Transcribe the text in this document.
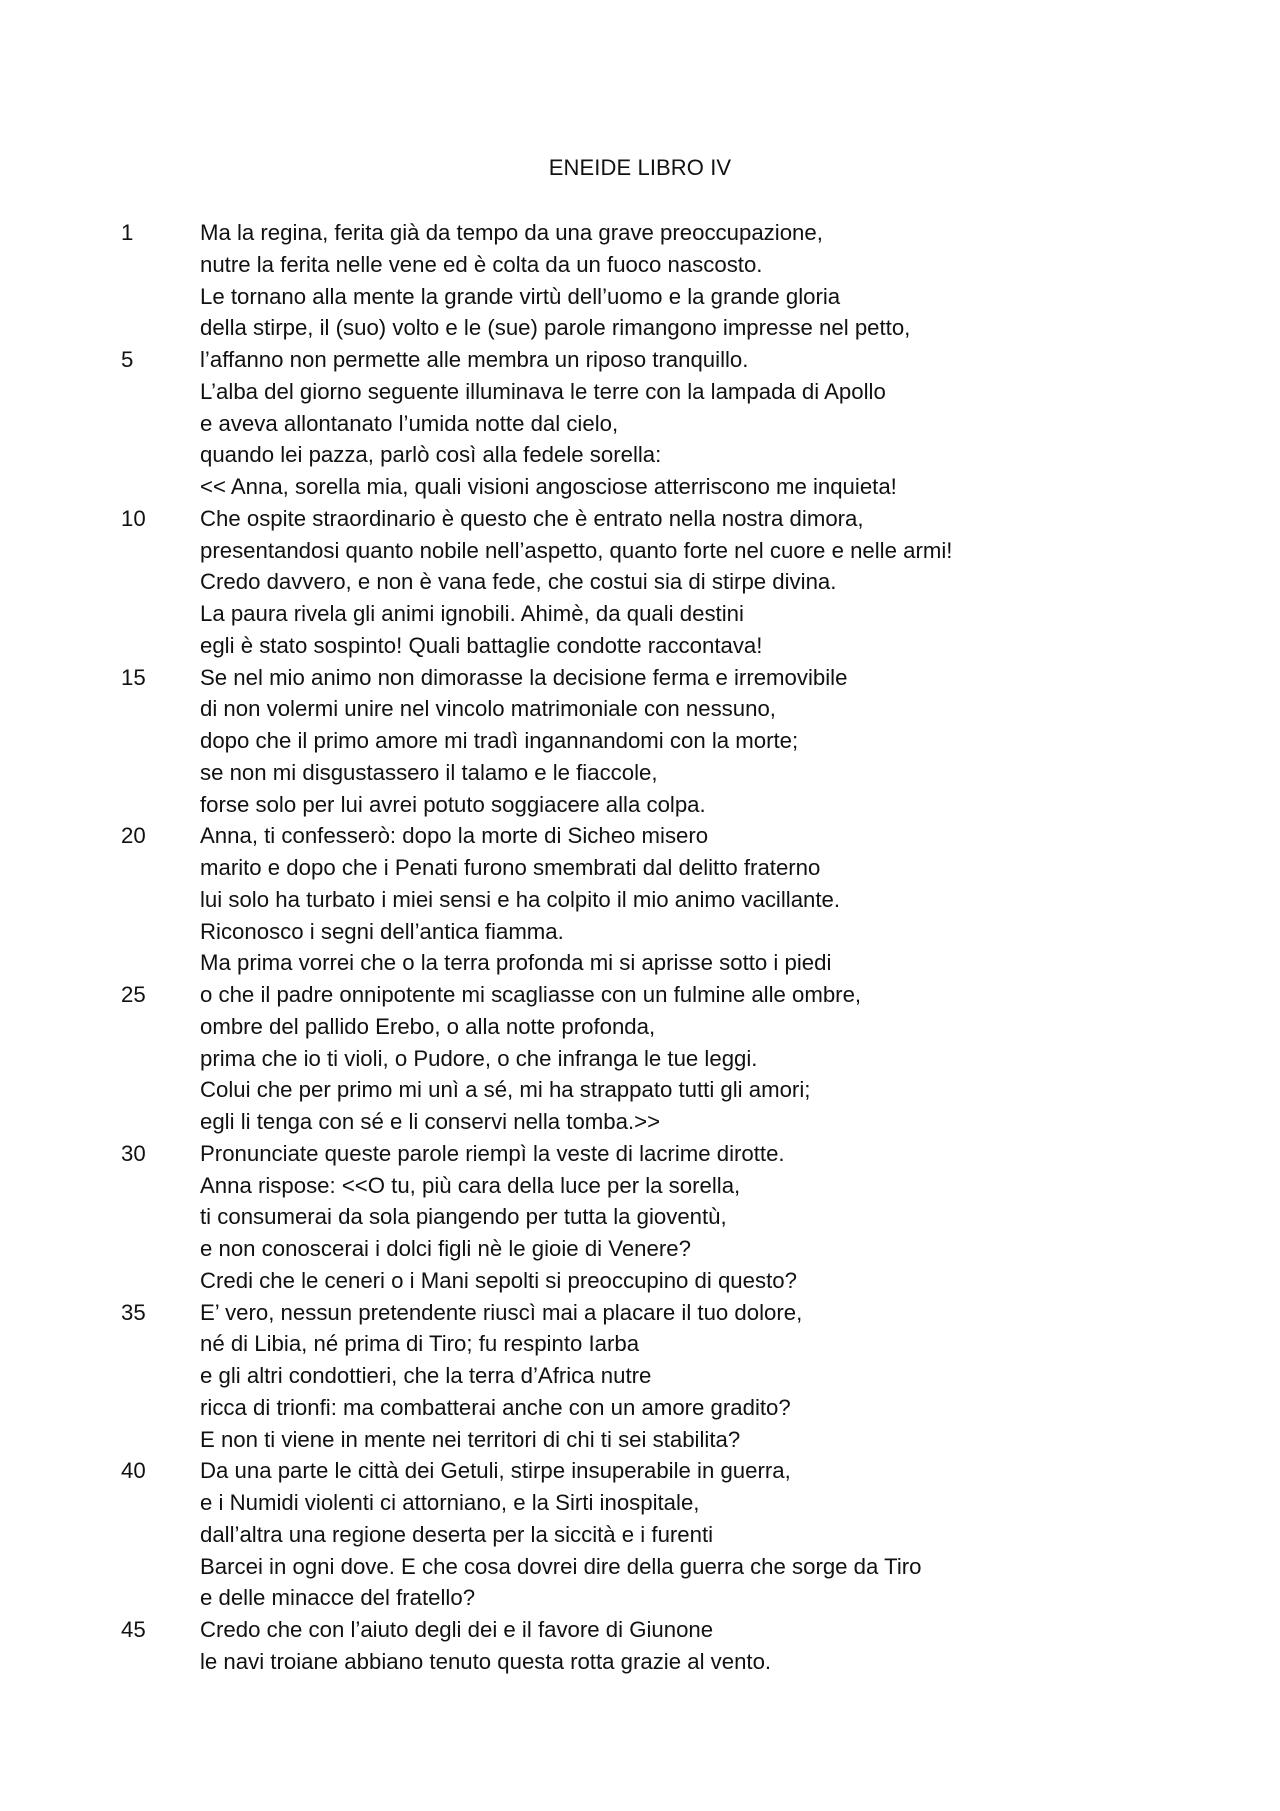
ENEIDE LIBRO IV
1	Ma la regina, ferita già da tempo da una grave preoccupazione,
nutre la ferita nelle vene ed è colta da un fuoco nascosto.
Le tornano alla mente la grande virtù dell’uomo e la grande gloria
della stirpe, il (suo) volto e le (sue) parole rimangono impresse nel petto,
5	l’affanno non permette alle membra un riposo tranquillo.
L’alba del giorno seguente illuminava le terre con la lampada di Apollo
e aveva allontanato l’umida notte dal cielo,
quando lei pazza, parlò così alla fedele sorella:
<< Anna, sorella mia, quali visioni angosciose atterriscono me inquieta!
10	Che ospite straordinario è questo che è entrato nella nostra dimora,
presentandosi quanto nobile nell’aspetto, quanto forte nel cuore e nelle armi!
Credo davvero, e non è vana fede, che costui sia di stirpe divina.
La paura rivela gli animi ignobili. Ahimè, da quali destini
egli è stato sospinto! Quali battaglie condotte raccontava!
15	Se nel mio animo non dimorasse la decisione ferma e irremovibile
di non volermi unire nel vincolo matrimoniale con nessuno,
dopo che il primo amore mi tradì ingannandomi con la morte;
se non mi disgustassero il talamo e le fiaccole,
forse solo per lui avrei potuto soggiacere alla colpa.
20	Anna, ti confesserò: dopo la morte di Sicheo misero
marito e dopo che i Penati furono smembrati dal delitto fraterno
lui solo ha turbato i miei sensi e ha colpito il mio animo vacillante.
Riconosco i segni dell’antica fiamma.
Ma prima vorrei che o la terra profonda mi si aprisse sotto i piedi
25	o che il padre onnipotente mi scagliasse con un fulmine alle ombre,
ombre del pallido Erebo, o alla notte profonda,
prima che io ti violi, o Pudore, o che infranga le tue leggi.
Colui che per primo mi unì a sé, mi ha strappato tutti gli amori;
egli li tenga con sé e li conservi nella tomba.>>
30	Pronunciate queste parole riempì la veste di lacrime dirotte.
Anna rispose: <<O tu, più cara della luce per la sorella,
ti consumerai da sola piangendo per tutta la gioventù,
e non conoscerai i dolci figli nè le gioie di Venere?
Credi che le ceneri o i Mani sepolti si preoccupino di questo?
35	E’ vero, nessun pretendente riuscì mai a placare il tuo dolore,
né di Libia, né prima di Tiro; fu respinto Iarba
e gli altri condottieri, che la terra d’Africa nutre
ricca di trionfi: ma combatterai anche con un amore gradito?
E non ti viene in mente nei territori di chi ti sei stabilita?
40	Da una parte le città dei Getuli, stirpe insuperabile in guerra,
e i Numidi violenti ci attorniano, e la Sirti inospitale,
dall’altra una regione deserta per la siccità e i furenti
Barcei in ogni dove. E che cosa dovrei dire della guerra che sorge da Tiro
e delle minacce del fratello?
45	Credo che con l’aiuto degli dei e il favore di Giunone
le navi troiane abbiano tenuto questa rotta grazie al vento.
